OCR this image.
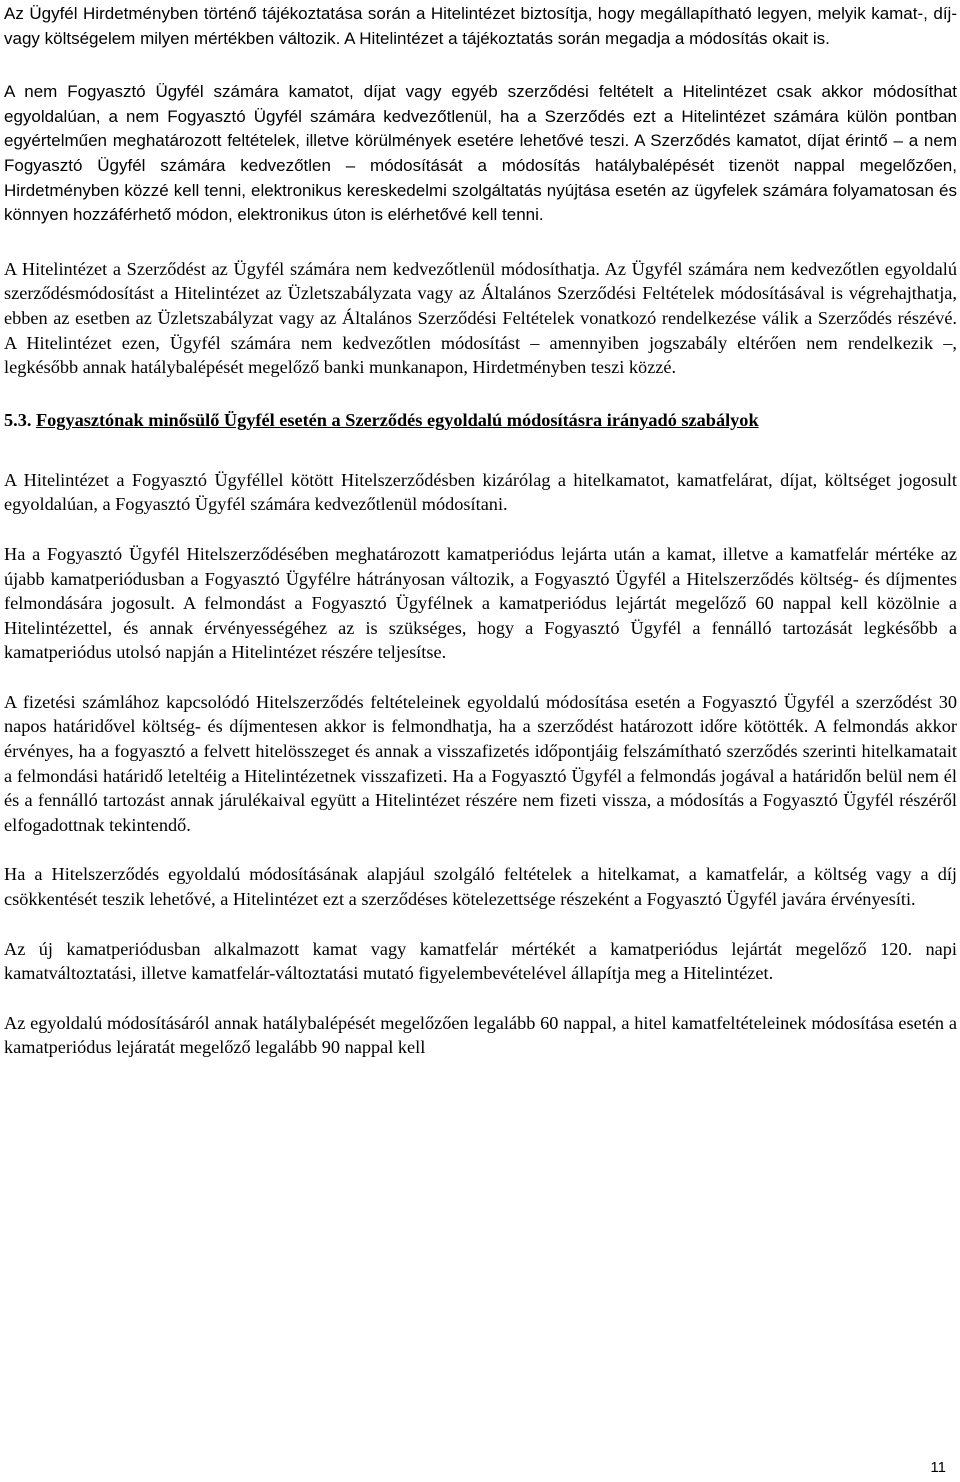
Az Ügyfél Hirdetményben történő tájékoztatása során a Hitelintézet biztosítja, hogy megállapítható legyen, melyik kamat-, díj- vagy költségelem milyen mértékben változik. A Hitelintézet a tájékoztatás során megadja a módosítás okait is.

A nem Fogyasztó Ügyfél számára kamatot, díjat vagy egyéb szerződési feltételt a Hitelintézet csak akkor módosíthat egyoldalúan, a nem Fogyasztó Ügyfél számára kedvezőtlenül, ha a Szerződés ezt a Hitelintézet számára külön pontban egyértelműen meghatározott feltételek, illetve körülmények esetére lehetővé teszi. A Szerződés kamatot, díjat érintő – a nem Fogyasztó Ügyfél számára kedvezőtlen – módosítását a módosítás hatálybalépését tizenöt nappal megelőzően, Hirdetményben közzé kell tenni, elektronikus kereskedelmi szolgáltatás nyújtása esetén az ügyfelek számára folyamatosan és könnyen hozzáférhető módon, elektronikus úton is elérhetővé kell tenni.

A Hitelintézet a Szerződést az Ügyfél számára nem kedvezőtlenül módosíthatja. Az Ügyfél számára nem kedvezőtlen egyoldalú szerződésmódosítást a Hitelintézet az Üzletszabályzata vagy az Általános Szerződési Feltételek módosításával is végrehajthatja, ebben az esetben az Üzletszabályzat vagy az Általános Szerződési Feltételek vonatkozó rendelkezése válik a Szerződés részévé. A Hitelintézet ezen, Ügyfél számára nem kedvezőtlen módosítást – amennyiben jogszabály eltérően nem rendelkezik –, legkésőbb annak hatálybalépését megelőző banki munkanapon, Hirdetményben teszi közzé.

5.3. Fogyasztónak minősülő Ügyfél esetén a Szerződés egyoldalú módosításra irányadó szabályok

A Hitelintézet a Fogyasztó Ügyféllel kötött Hitelszerződésben kizárólag a hitelkamatot, kamatfelárat, díjat, költséget jogosult egyoldalúan, a Fogyasztó Ügyfél számára kedvezőtlenül módosítani.

Ha a Fogyasztó Ügyfél Hitelszerződésében meghatározott kamatperiódus lejárta után a kamat, illetve a kamatfelár mértéke az újabb kamatperiódusban a Fogyasztó Ügyfélre hátrányosan változik, a Fogyasztó Ügyfél a Hitelszerződés költség- és díjmentes felmondására jogosult. A felmondást a Fogyasztó Ügyfélnek a kamatperiódus lejártát megelőző 60 nappal kell közölnie a Hitelintézettel, és annak érvényességéhez az is szükséges, hogy a Fogyasztó Ügyfél a fennálló tartozását legkésőbb a kamatperiódus utolsó napján a Hitelintézet részére teljesítse.

A fizetési számlához kapcsolódó Hitelszerződés feltételeinek egyoldalú módosítása esetén a Fogyasztó Ügyfél a szerződést 30 napos határidővel költség- és díjmentesen akkor is felmondhatja, ha a szerződést határozott időre kötötték. A felmondás akkor érvényes, ha a fogyasztó a felvett hitelösszeget és annak a visszafizetés időpontjáig felszámítható szerződés szerinti hitelkamatait a felmondási határidő leteltéig a Hitelintézetnek visszafizeti. Ha a Fogyasztó Ügyfél a felmondás jogával a határidőn belül nem él és a fennálló tartozást annak járulékaival együtt a Hitelintézet részére nem fizeti vissza, a módosítás a Fogyasztó Ügyfél részéről elfogadottnak tekintendő.

Ha a Hitelszerződés egyoldalú módosításának alapjául szolgáló feltételek a hitelkamat, a kamatfelár, a költség vagy a díj csökkentését teszik lehetővé, a Hitelintézet ezt a szerződéses kötelezettsége részeként a Fogyasztó Ügyfél javára érvényesíti.

Az új kamatperiódusban alkalmazott kamat vagy kamatfelár mértékét a kamatperiódus lejártát megelőző 120. napi kamatváltoztatási, illetve kamatfelár-változtatási mutató figyelembevételével állapítja meg a Hitelintézet.

Az egyoldalú módosításáról annak hatálybalépését megelőzően legalább 60 nappal, a hitel kamatfeltételeinek módosítása esetén a kamatperiódus lejáratát megelőző legalább 90 nappal kell

11
